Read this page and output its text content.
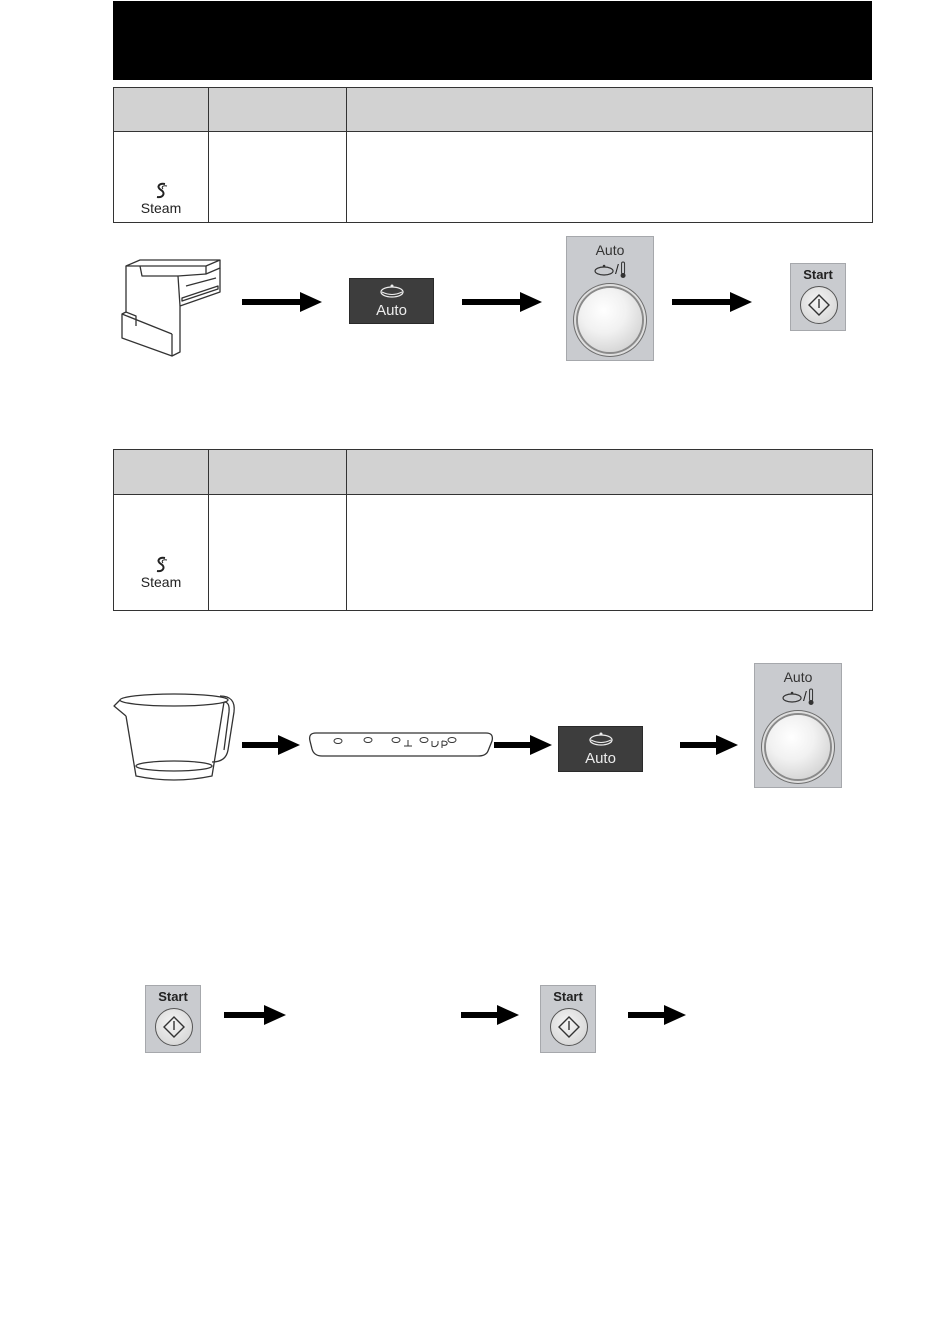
Steam		

Auto
Auto
/	Start

Steam		

Auto
Auto
/
Start	Start
